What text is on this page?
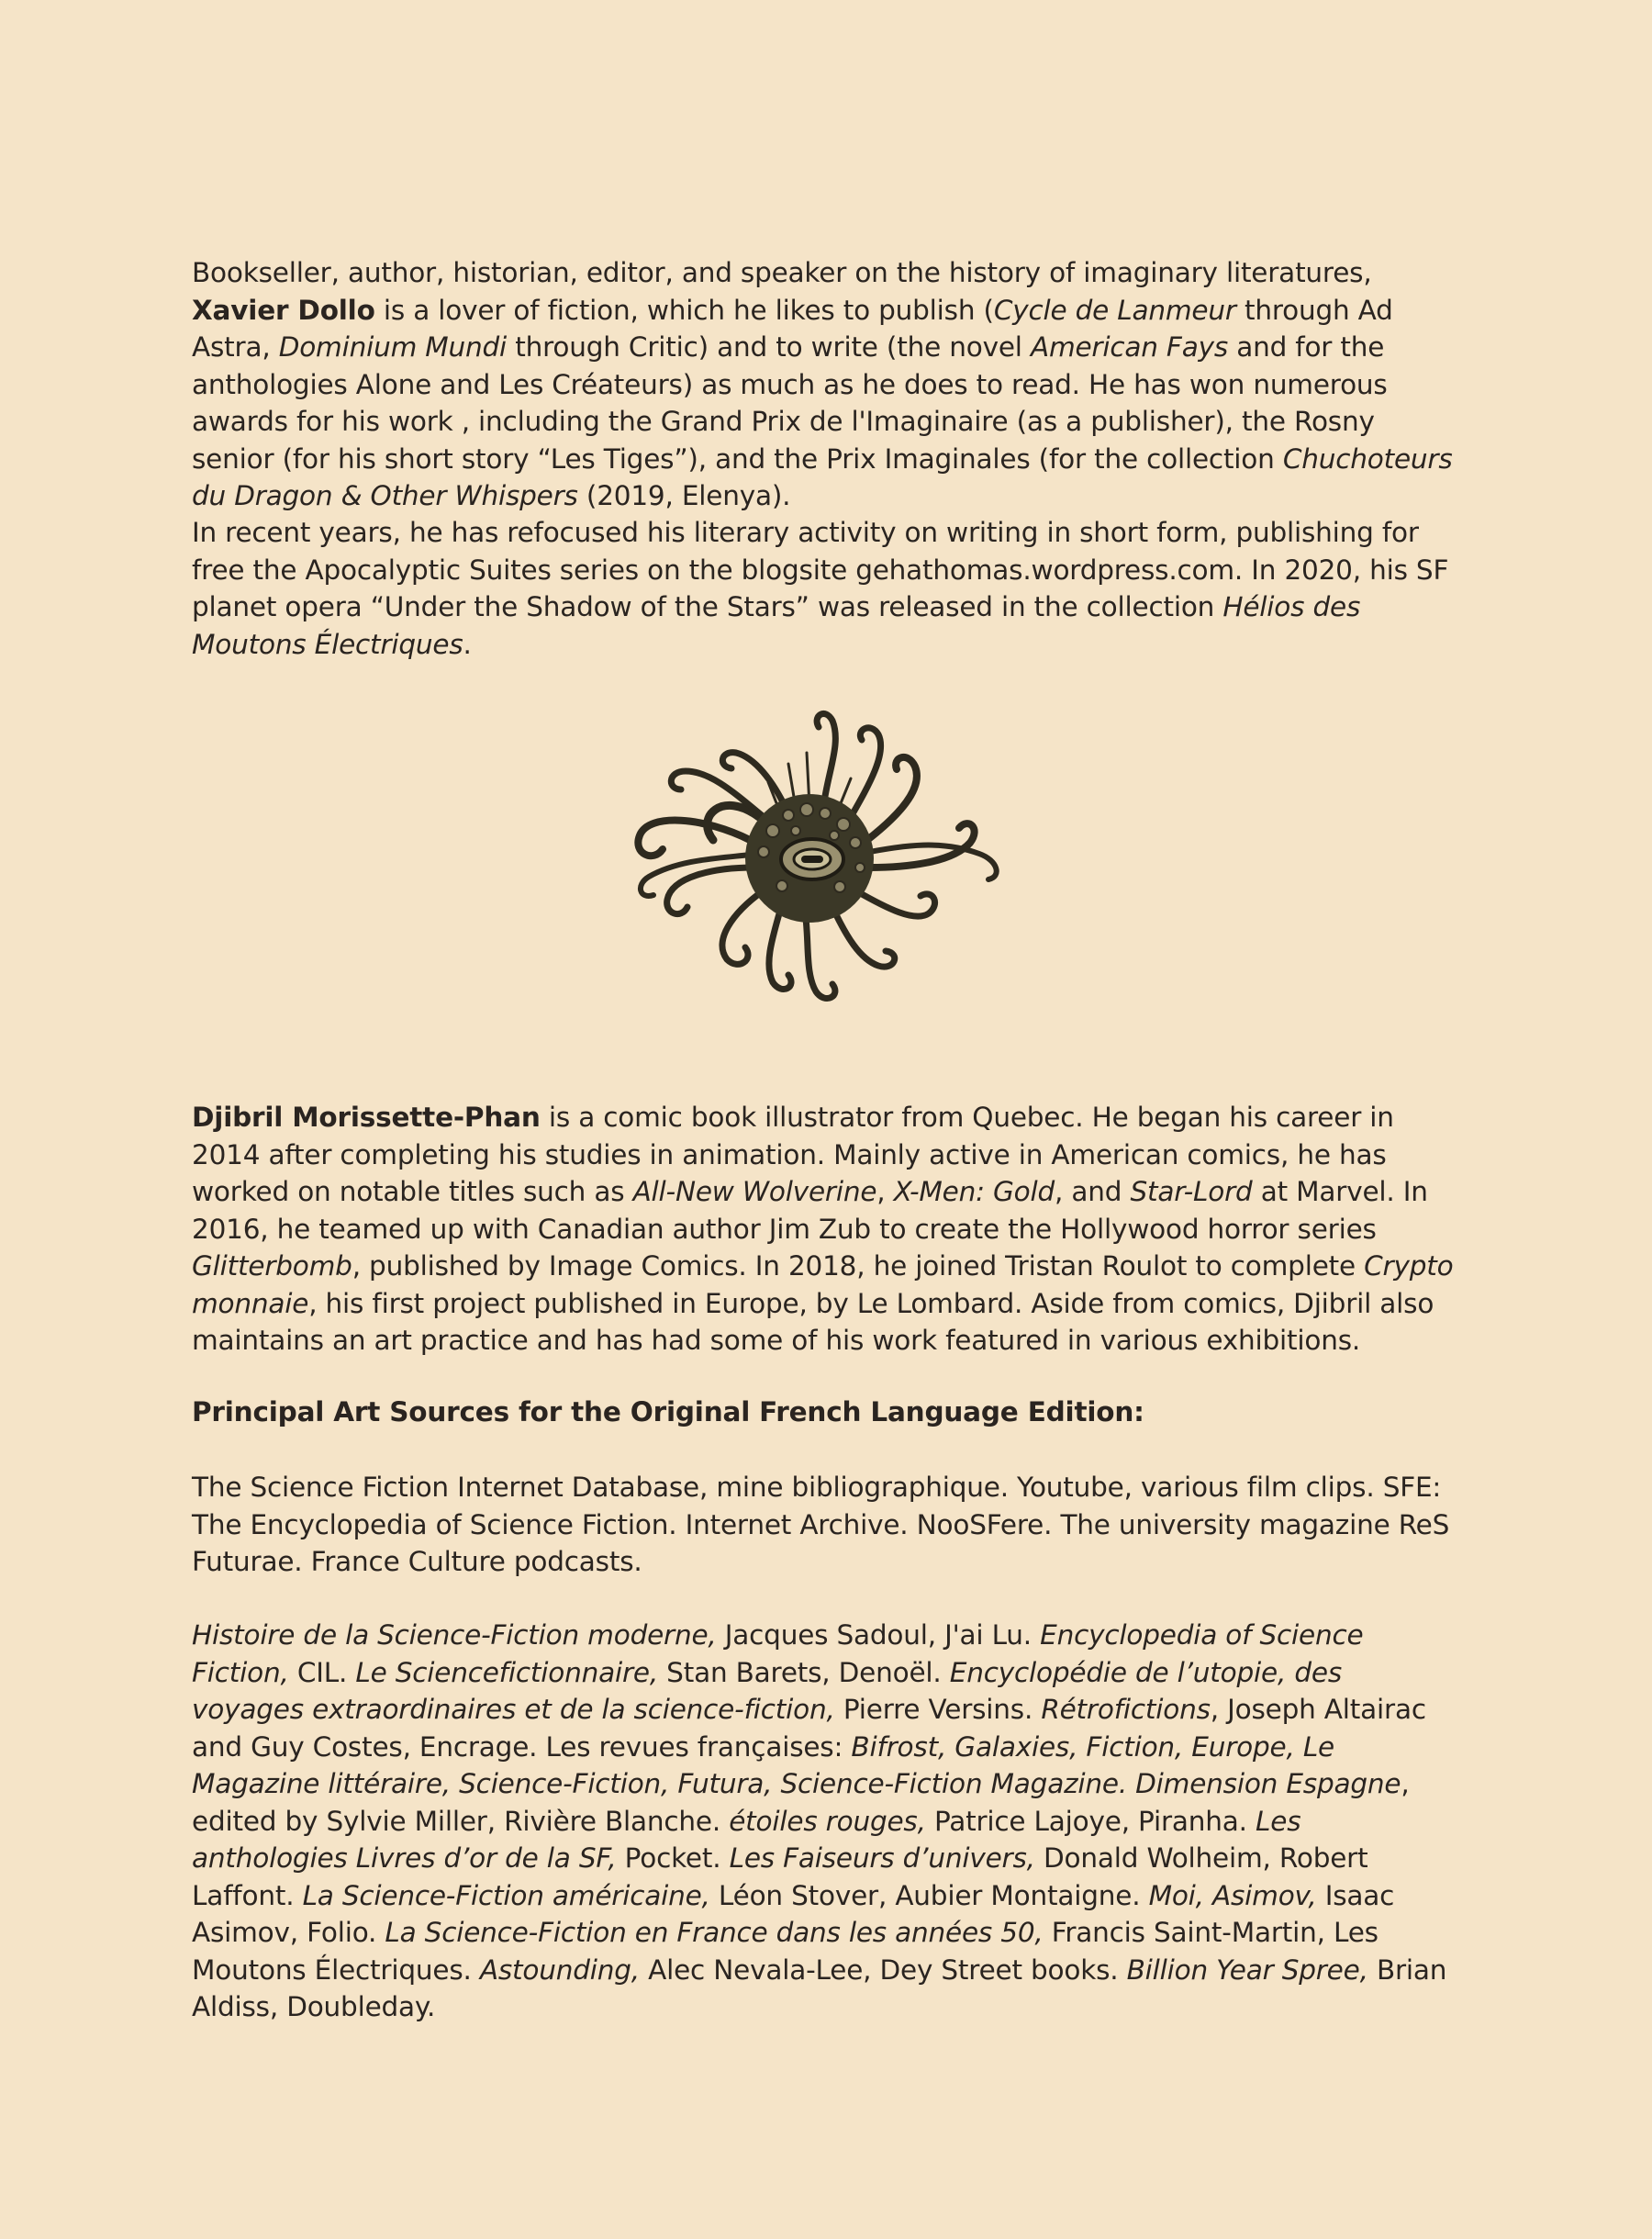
Bookseller, author, historian, editor, and speaker on the history of imaginary literatures, Xavier Dollo is a lover of fiction, which he likes to publish (Cycle de Lanmeur through Ad Astra, Dominium Mundi through Critic) and to write (the novel American Fays and for the anthologies Alone and Les Créateurs) as much as he does to read. He has won numerous awards for his work , including the Grand Prix de l'Imaginaire (as a publisher), the Rosny senior (for his short story “Les Tiges”), and the Prix Imaginales (for the collection Chuchoteurs du Dragon & Other Whispers (2019, Elenya).

In recent years, he has refocused his literary activity on writing in short form, publishing for free the Apocalyptic Suites series on the blogsite gehathomas.wordpress.com. In 2020, his SF planet opera “Under the Shadow of the Stars” was released in the collection Hélios des Moutons Électriques.

Djibril Morissette-Phan is a comic book illustrator from Quebec. He began his career in 2014 after completing his studies in animation. Mainly active in American comics, he has worked on notable titles such as All-New Wolverine, X-Men: Gold, and Star-Lord at Marvel. In 2016, he teamed up with Canadian author Jim Zub to create the Hollywood horror series Glitterbomb, published by Image Comics. In 2018, he joined Tristan Roulot to complete Crypto monnaie, his first project published in Europe, by Le Lombard. Aside from comics, Djibril also maintains an art practice and has had some of his work featured in various exhibitions.

Principal Art Sources for the Original French Language Edition:
The Science Fiction Internet Database, mine bibliographique. Youtube, various film clips. SFE: The Encyclopedia of Science Fiction. Internet Archive. NooSFere. The university magazine ReS Futurae. France Culture podcasts.

Histoire de la Science-Fiction moderne, Jacques Sadoul, J'ai Lu. Encyclopedia of Science Fiction, CIL. Le Sciencefictionnaire, Stan Barets, Denoël. Encyclopédie de l’utopie, des voyages extraordinaires et de la science-fiction, Pierre Versins. Rétrofictions, Joseph Altairac and Guy Costes, Encrage. Les revues françaises: Bifrost, Galaxies, Fiction, Europe, Le Magazine littéraire, Science-Fiction, Futura, Science-Fiction Magazine. Dimension Espagne, edited by Sylvie Miller, Rivière Blanche. étoiles rouges, Patrice Lajoye, Piranha. Les anthologies Livres d’or de la SF, Pocket. Les Faiseurs d’univers, Donald Wolheim, Robert Laffont. La Science-Fiction américaine, Léon Stover, Aubier Montaigne. Moi, Asimov, Isaac Asimov, Folio. La Science-Fiction en France dans les années 50, Francis Saint-Martin, Les Moutons Électriques. Astounding, Alec Nevala-Lee, Dey Street books. Billion Year Spree, Brian Aldiss, Doubleday.
